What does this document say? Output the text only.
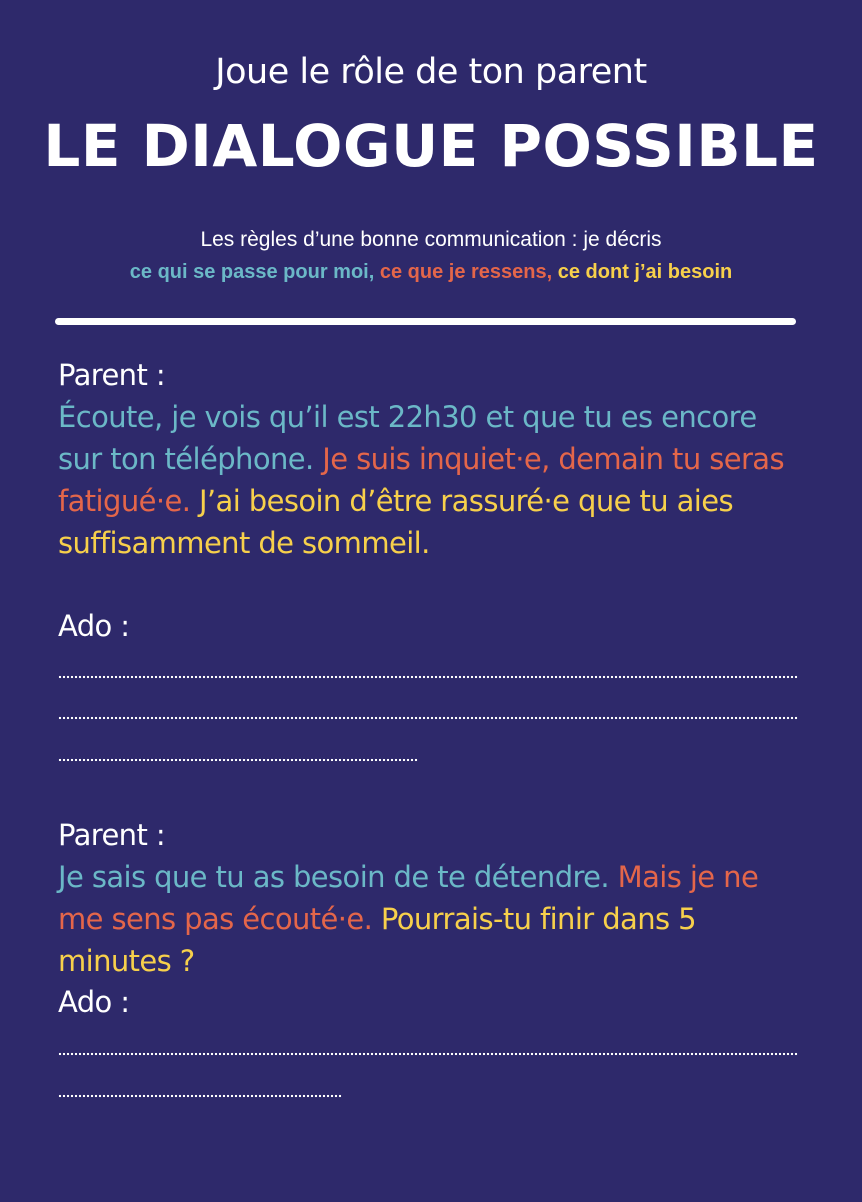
Joue le rôle de ton parent
LE DIALOGUE POSSIBLE
Les règles d’une bonne communication : je décris
ce qui se passe pour moi, ce que je ressens, ce dont j’ai besoin
Parent :
Écoute, je vois qu’il est 22h30 et que tu es encore sur ton téléphone. Je suis inquiet·e, demain tu seras fatigué·e. J’ai besoin d’être rassuré·e que tu aies suffisamment de sommeil.
Ado :
Parent :
Je sais que tu as besoin de te détendre. Mais je ne me sens pas écouté·e. Pourrais-tu finir dans 5 minutes ?
Ado :
